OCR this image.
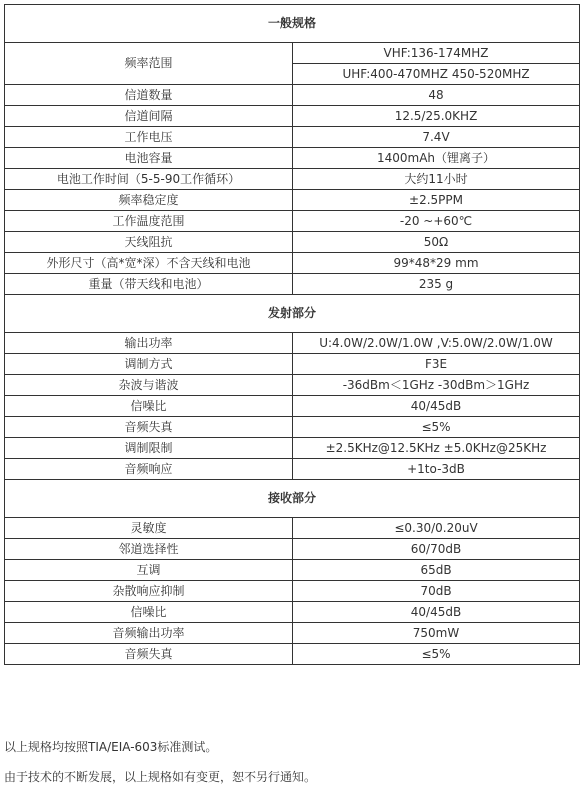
一般规格	
频率范围	VHF:136-174MHZ
	UHF:400-470MHZ 450-520MHZ
信道数量	48
信道间隔	12.5/25.0KHZ
工作电压	7.4V
电池容量	1400mAh（锂离子）
电池工作时间（5-5-90工作循环）	大约11小时
频率稳定度	±2.5PPM
工作温度范围	-20 ~+60℃
天线阻抗	50Ω
外形尺寸（高*宽*深）不含天线和电池	99*48*29 mm
重量（带天线和电池）	235 g
发射部分	
输出功率	U:4.0W/2.0W/1.0W ,V:5.0W/2.0W/1.0W
调制方式	F3E
杂波与谐波	-36dBm＜1GHz -30dBm＞1GHz
信噪比	40/45dB
音频失真	≤5%
调制限制	±2.5KHz@12.5KHz ±5.0KHz@25KHz
音频响应	+1to-3dB
接收部分	
灵敏度	≤0.30/0.20uV
邻道选择性	60/70dB
互调	65dB
杂散响应抑制	70dB
信噪比	40/45dB
音频输出功率	750mW
音频失真	≤5%

以上规格均按照TIA/EIA-603标准测试。

由于技术的不断发展，以上规格如有变更，恕不另行通知。
